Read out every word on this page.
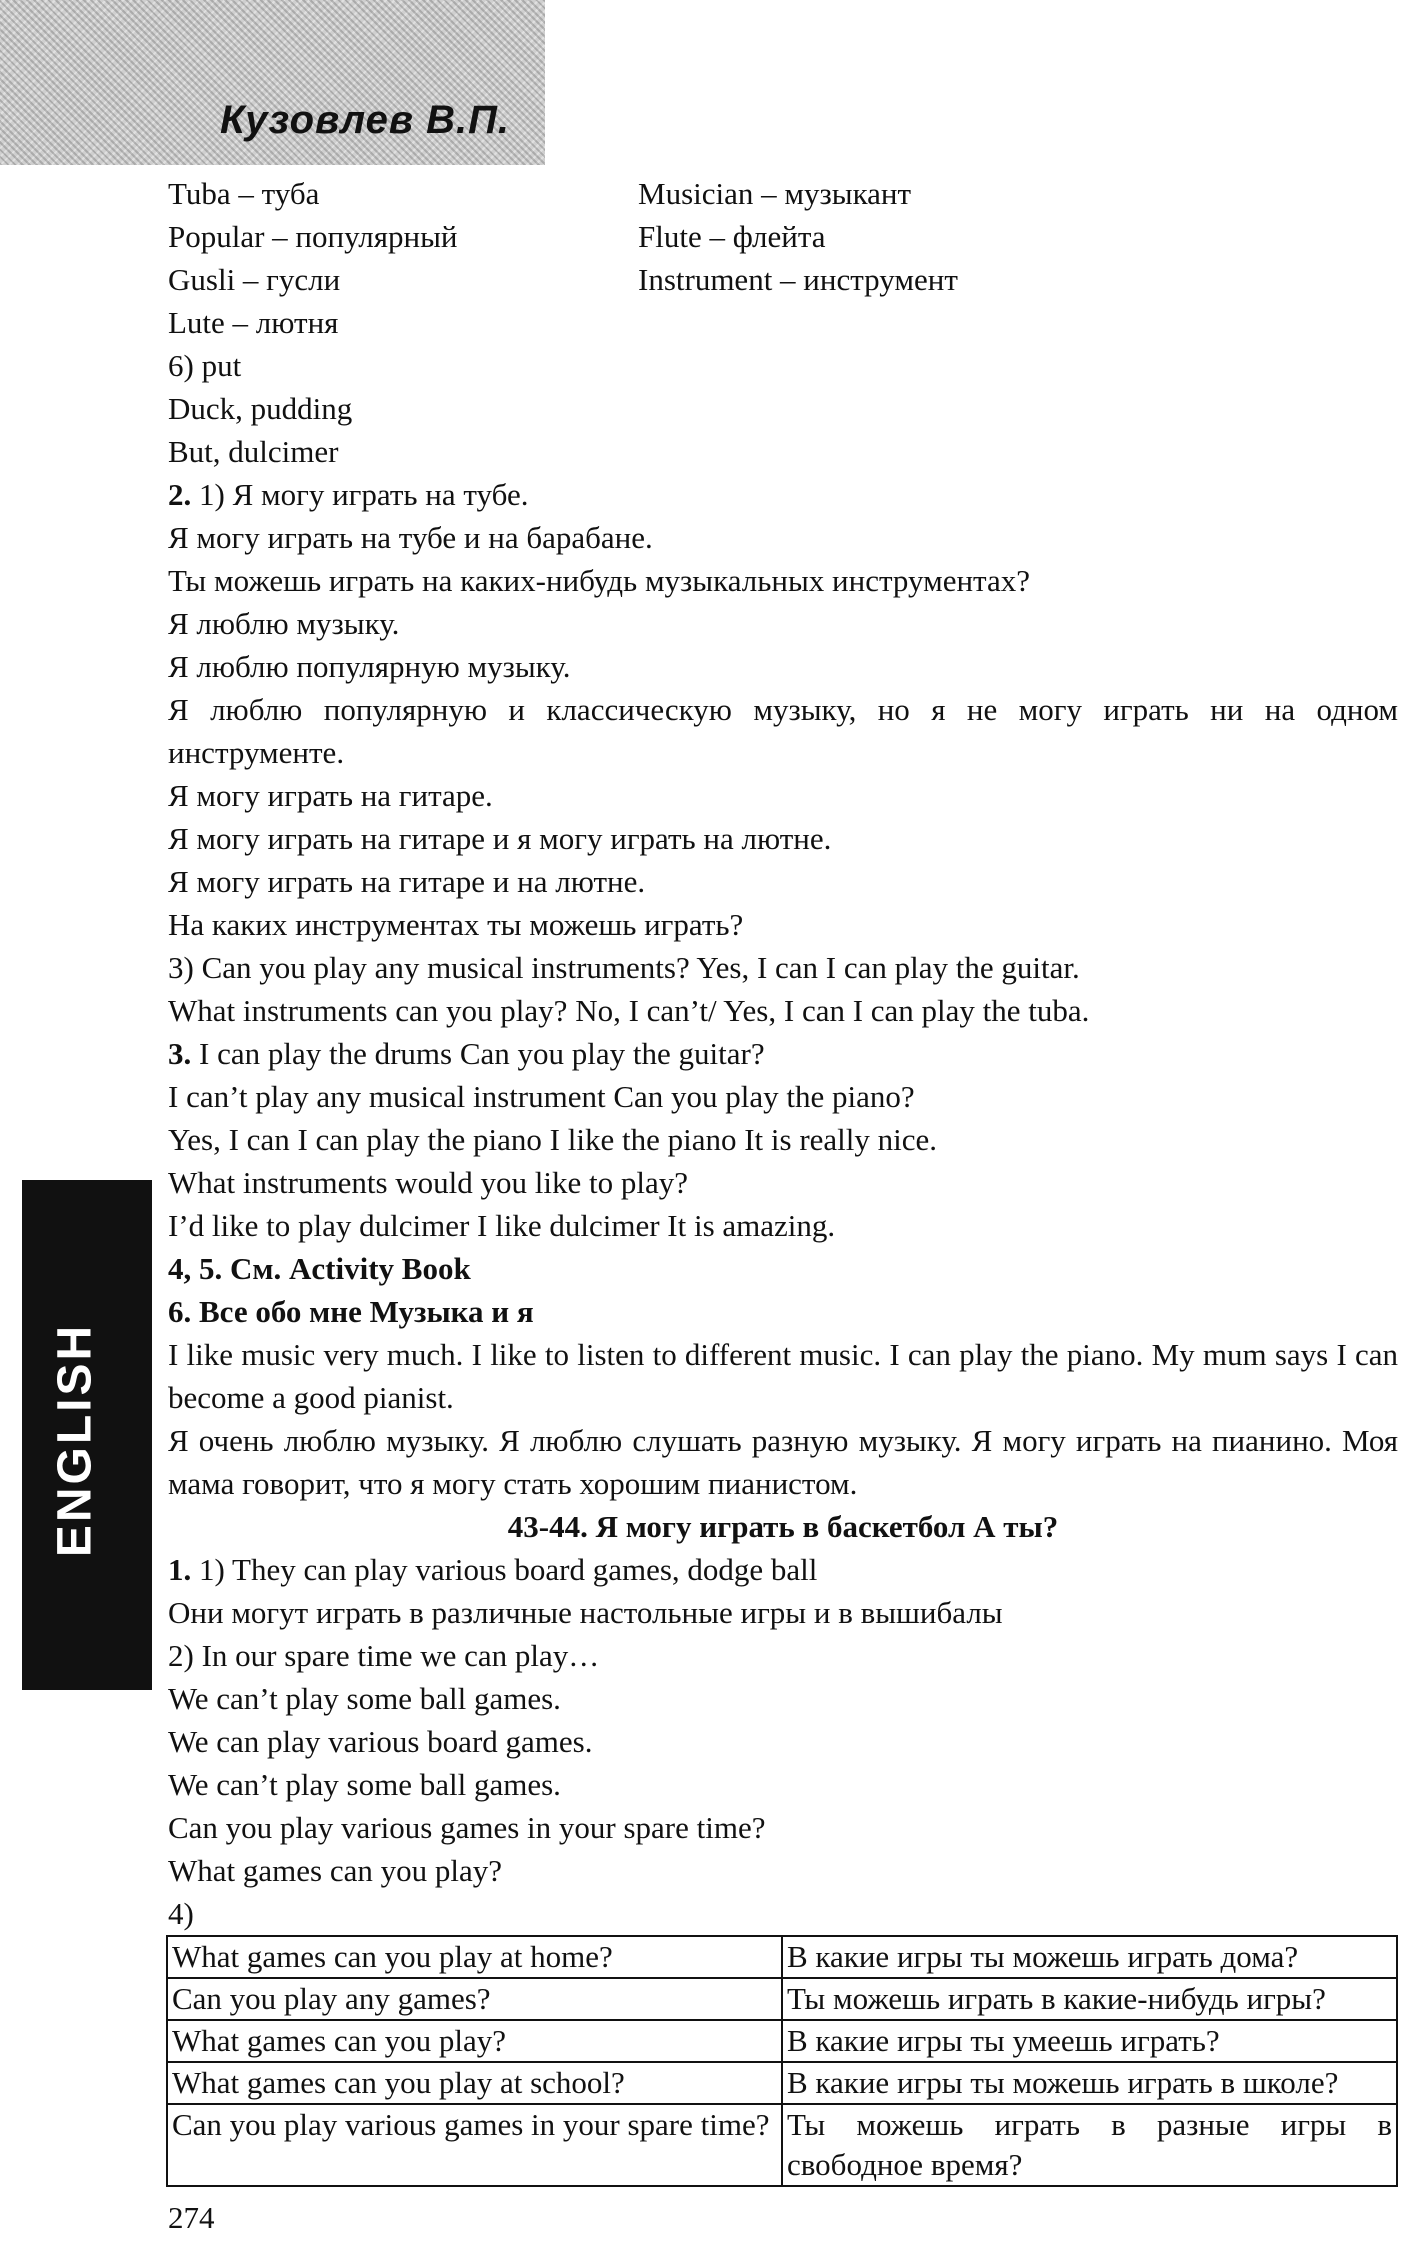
Кузовлев В.П.
ENGLISH
Tuba – туба	Musician – музыкант
Popular – популярный	Flute – флейта
Gusli – гусли	Instrument – инструмент
Lute – лютня
6) put
Duck, pudding
But, dulcimer
2. 1) Я могу играть на тубе.
Я могу играть на тубе и на барабане.
Ты можешь играть на каких-нибудь музыкальных инструментах?
Я люблю музыку.
Я люблю популярную музыку.
Я люблю популярную и классическую музыку, но я не могу играть ни на одном инструменте.
Я могу играть на гитаре.
Я могу играть на гитаре и я могу играть на лютне.
Я могу играть на гитаре и на лютне.
На каких инструментах ты можешь играть?
3) Can you play any musical instruments? Yes, I can I can play the guitar.
What instruments can you play? No, I can’t/ Yes, I can I can play the tuba.
3. I can play the drums Can you play the guitar?
I can’t play any musical instrument Can you play the piano?
Yes, I can I can play the piano I like the piano It is really nice.
What instruments would you like to play?
I’d like to play dulcimer I like dulcimer It is amazing.
4, 5. См. Activity Book
6. Все обо мне Музыка и я
I like music very much. I like to listen to different music. I can play the piano. My mum says I can become a good pianist.
Я очень люблю музыку. Я люблю слушать разную музыку. Я могу играть на пианино. Моя мама говорит, что я могу стать хорошим пианистом.
43-44. Я могу играть в баскетбол А ты?
1. 1) They can play various board games, dodge ball
Они могут играть в различные настольные игры и в вышибалы
2) In our spare time we can play…
We can’t play some ball games.
We can play various board games.
We can’t play some ball games.
Can you play various games in your spare time?
What games can you play?
4)
What games can you play at home?	В какие игры ты можешь играть дома?
Can you play any games?	Ты можешь играть в какие-нибудь игры?
What games can you play?	В какие игры ты умеешь играть?
What games can you play at school?	В какие игры ты можешь играть в школе?
Can you play various games in your spare time?	Ты можешь играть в разные игры в свободное время?
274
